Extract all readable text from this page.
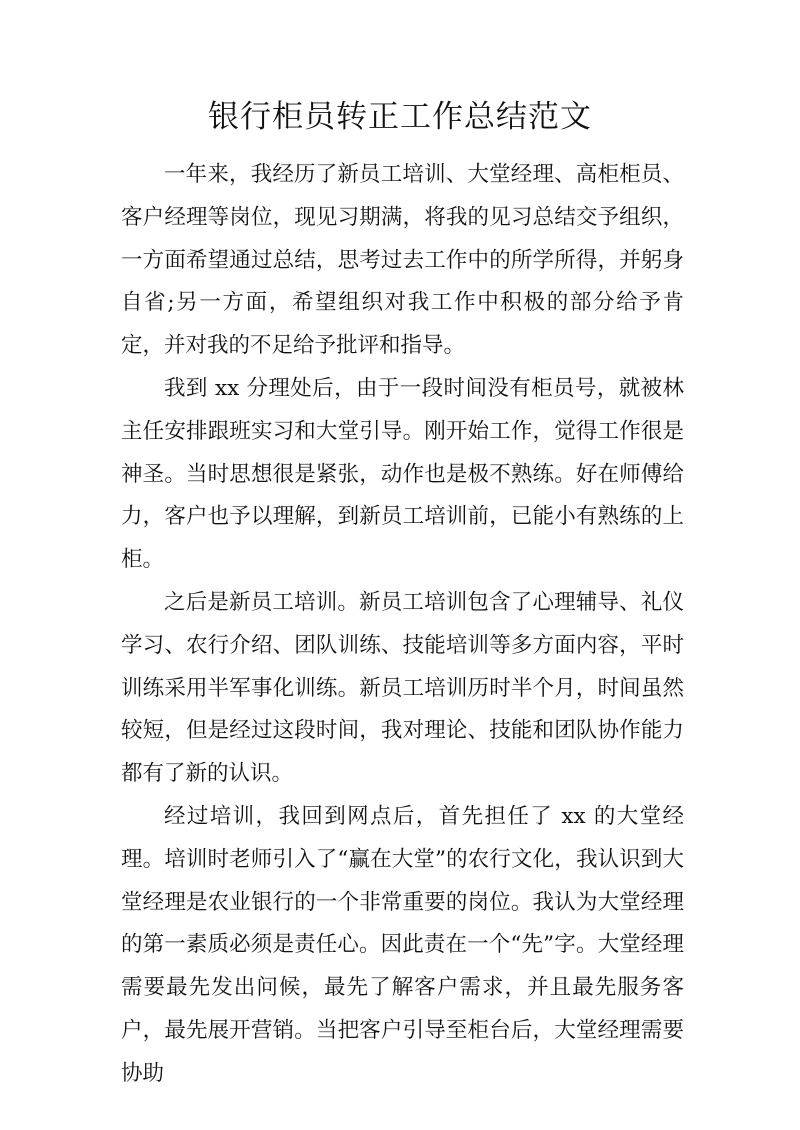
银行柜员转正工作总结范文

一年来，我经历了新员工培训、大堂经理、高柜柜员、客户经理等岗位，现见习期满，将我的见习总结交予组织，一方面希望通过总结，思考过去工作中的所学所得，并躬身自省;另一方面，希望组织对我工作中积极的部分给予肯定，并对我的不足给予批评和指导。

我到 xx 分理处后，由于一段时间没有柜员号，就被林主任安排跟班实习和大堂引导。刚开始工作，觉得工作很是神圣。当时思想很是紧张，动作也是极不熟练。好在师傅给力，客户也予以理解，到新员工培训前，已能小有熟练的上柜。

之后是新员工培训。新员工培训包含了心理辅导、礼仪学习、农行介绍、团队训练、技能培训等多方面内容，平时训练采用半军事化训练。新员工培训历时半个月，时间虽然较短，但是经过这段时间，我对理论、技能和团队协作能力都有了新的认识。

经过培训，我回到网点后，首先担任了 xx 的大堂经理。培训时老师引入了“赢在大堂”的农行文化，我认识到大堂经理是农业银行的一个非常重要的岗位。我认为大堂经理的第一素质必须是责任心。因此责在一个“先”字。大堂经理需要最先发出问候，最先了解客户需求，并且最先服务客户，最先展开营销。当把客户引导至柜台后，大堂经理需要协助
